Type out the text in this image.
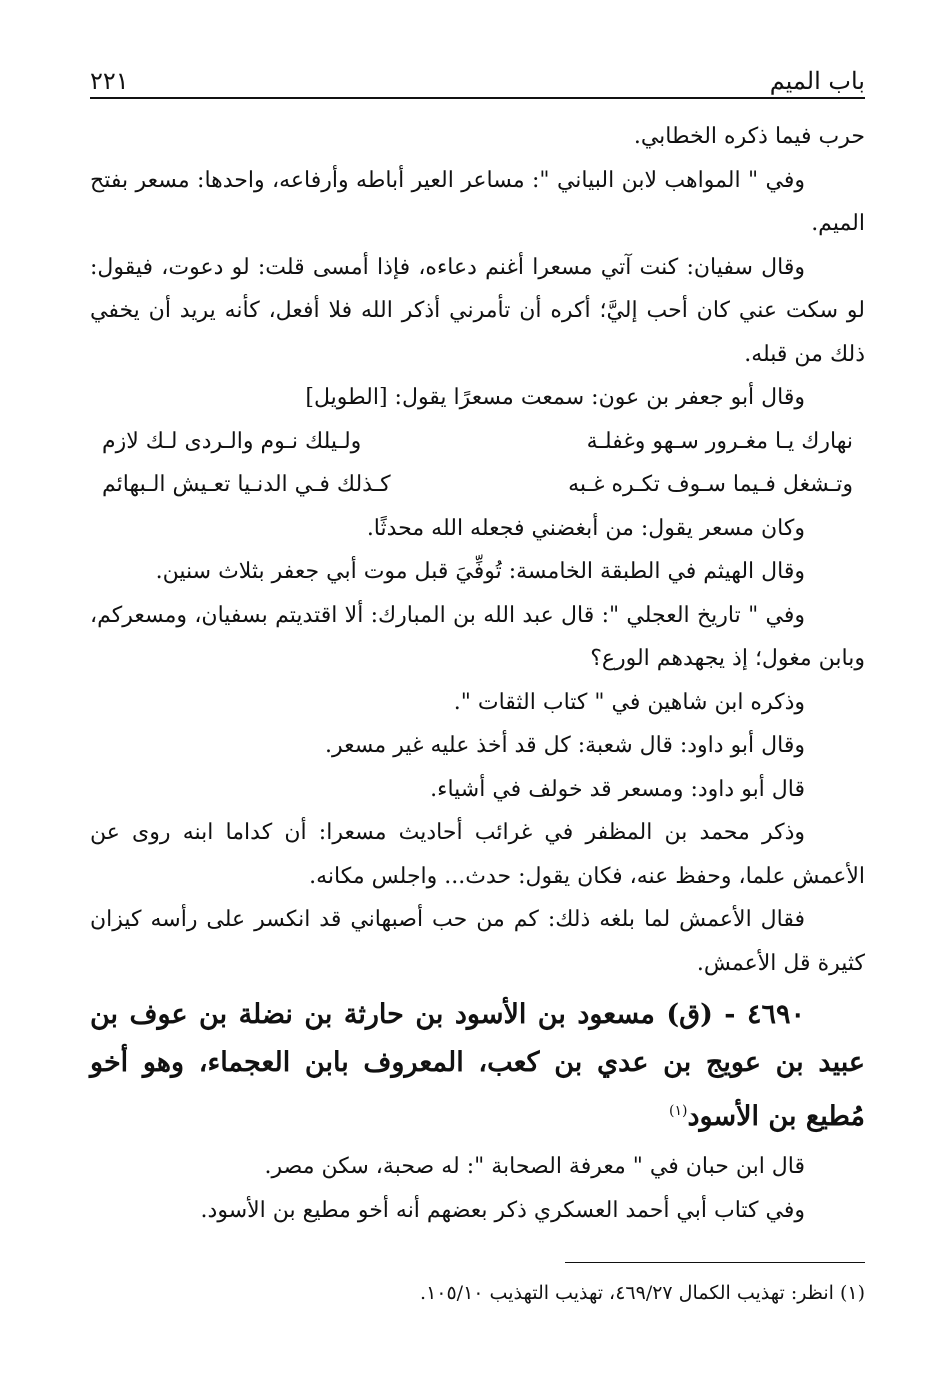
باب الميم
٢٢١

حرب فيما ذكره الخطابي.

وفي " المواهب لابن البياني ": مساعر العير أباطه وأرفاعه، واحدها: مسعر بفتح الميم.

وقال سفيان: كنت آتي مسعرا أغنم دعاءه، فإذا أمسى قلت: لو دعوت، فيقول: لو سكت عني كان أحب إليَّ؛ أكره أن تأمرني أذكر الله فلا أفعل، كأنه يريد أن يخفي ذلك من قبله.

وقال أبو جعفر بن عون: سمعت مسعرًا يقول: [الطويل]

نهارك يـا مغـرور سـهو وغفلـة
ولـيلك نـوم والـردى لـك لازم
وتـشغل فـيما سـوف تكـره غـبه
كـذلك فـي الدنـيا تعـيش الـبهائم

وكان مسعر يقول: من أبغضني فجعله الله محدثًا.

وقال الهيثم في الطبقة الخامسة: تُوفِّيَ قبل موت أبي جعفر بثلاث سنين.

وفي " تاريخ العجلي ": قال عبد الله بن المبارك: ألا اقتديتم بسفيان، ومسعركم، وبابن مغول؛ إذ يجهدهم الورع؟

وذكره ابن شاهين في " كتاب الثقات ".

وقال أبو داود: قال شعبة: كل قد أخذ عليه غير مسعر.

قال أبو داود: ومسعر قد خولف في أشياء.

وذكر محمد بن المظفر في غرائب أحاديث مسعرا: أن كداما ابنه روى عن الأعمش علما، وحفظ عنه، فكان يقول: حدث... واجلس مكانه.

فقال الأعمش لما بلغه ذلك: كم من حب أصبهاني قد انكسر على رأسه كيزان كثيرة قل الأعمش.

٤٦٩٠ - (ق) مسعود بن الأسود بن حارثة بن نضلة بن عوف بن عبيد بن عويج بن عدي بن كعب، المعروف بابن العجماء، وهو أخو مُطيع بن الأسود$^{(١)}$

قال ابن حبان في " معرفة الصحابة ": له صحبة، سكن مصر.

وفي كتاب أبي أحمد العسكري ذكر بعضهم أنه أخو مطيع بن الأسود.

(١) انظر: تهذيب الكمال ٤٦٩/٢٧، تهذيب التهذيب ١٠٥/١٠.
